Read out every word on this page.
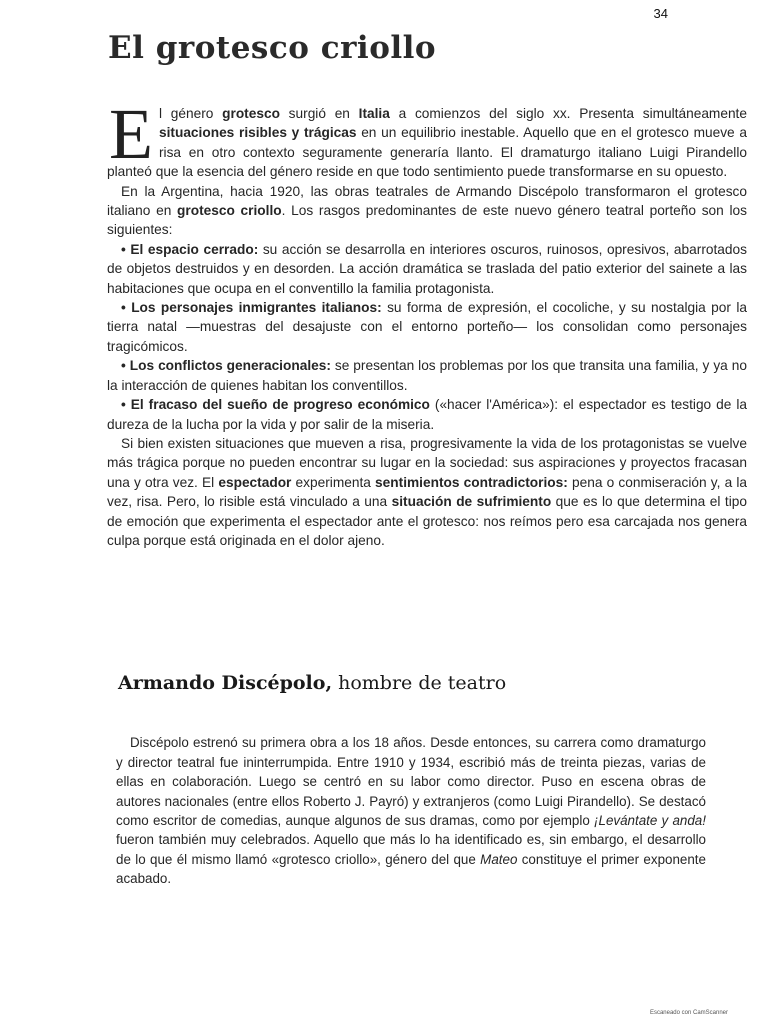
34
El grotesco criollo

El género grotesco surgió en Italia a comienzos del siglo xx. Presenta simultáneamente situaciones risibles y trágicas en un equilibrio inestable. Aquello que en el grotesco mueve a risa en otro contexto seguramente generaría llanto. El dramaturgo italiano Luigi Pirandello planteó que la esencia del género reside en que todo sentimiento puede transformarse en su opuesto.

En la Argentina, hacia 1920, las obras teatrales de Armando Discépolo transformaron el grotesco italiano en grotesco criollo. Los rasgos predominantes de este nuevo género teatral porteño son los siguientes:

• El espacio cerrado: su acción se desarrolla en interiores oscuros, ruinosos, opresivos, abarrotados de objetos destruidos y en desorden. La acción dramática se traslada del patio exterior del sainete a las habitaciones que ocupa en el conventillo la familia protagonista.

• Los personajes inmigrantes italianos: su forma de expresión, el cocoliche, y su nostalgia por la tierra natal —muestras del desajuste con el entorno porteño— los consolidan como personajes tragicómicos.

• Los conflictos generacionales: se presentan los problemas por los que transita una familia, y ya no la interacción de quienes habitan los conventillos.

• El fracaso del sueño de progreso económico («hacer l'América»): el espectador es testigo de la dureza de la lucha por la vida y por salir de la miseria.

Si bien existen situaciones que mueven a risa, progresivamente la vida de los protagonistas se vuelve más trágica porque no pueden encontrar su lugar en la sociedad: sus aspiraciones y proyectos fracasan una y otra vez. El espectador experimenta sentimientos contradictorios: pena o conmiseración y, a la vez, risa. Pero, lo risible está vinculado a una situación de sufrimiento que es lo que determina el tipo de emoción que experimenta el espectador ante el grotesco: nos reímos pero esa carcajada nos genera culpa porque está originada en el dolor ajeno.

Armando Discépolo, hombre de teatro

Discépolo estrenó su primera obra a los 18 años. Desde entonces, su carrera como dramaturgo y director teatral fue ininterrumpida. Entre 1910 y 1934, escribió más de treinta piezas, varias de ellas en colaboración. Luego se centró en su labor como director. Puso en escena obras de autores nacionales (entre ellos Roberto J. Payró) y extranjeros (como Luigi Pirandello). Se destacó como escritor de comedias, aunque algunos de sus dramas, como por ejemplo ¡Levántate y anda! fueron también muy celebrados. Aquello que más lo ha identificado es, sin embargo, el desarrollo de lo que él mismo llamó «grotesco criollo», género del que Mateo constituye el primer exponente acabado.

Escaneado con CamScanner
